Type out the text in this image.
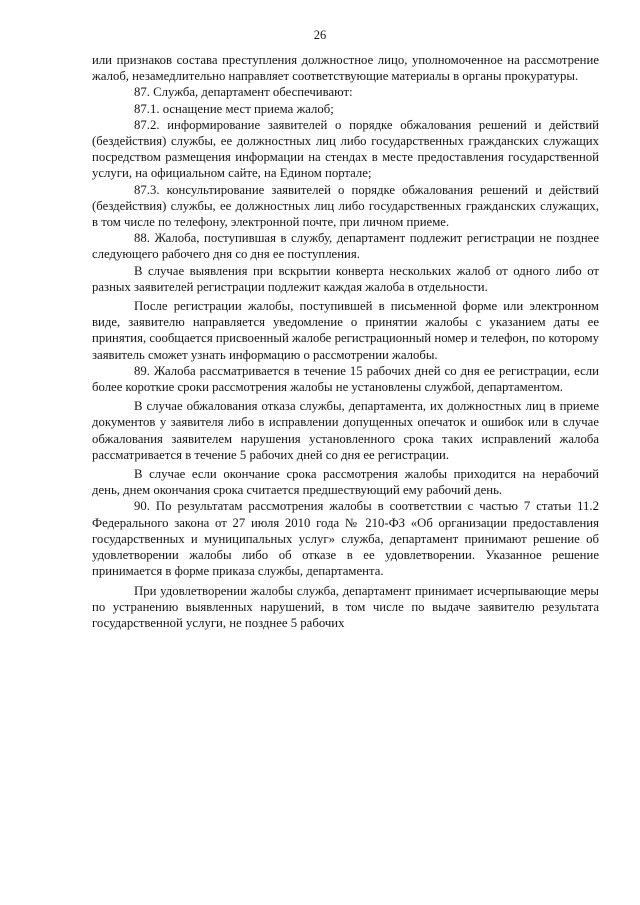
26

или признаков состава преступления должностное лицо, уполномоченное на рассмотрение жалоб, незамедлительно направляет соответствующие материалы в органы прокуратуры.

87. Служба, департамент обеспечивают:

87.1. оснащение мест приема жалоб;

87.2. информирование заявителей о порядке обжалования решений и действий (бездействия) службы, ее должностных лиц либо государственных гражданских служащих посредством размещения информации на стендах в месте предоставления государственной услуги, на официальном сайте, на Едином портале;

87.3. консультирование заявителей о порядке обжалования решений и действий (бездействия) службы, ее должностных лиц либо государственных гражданских служащих, в том числе по телефону, электронной почте, при личном приеме.

88. Жалоба, поступившая в службу, департамент подлежит регистрации не позднее следующего рабочего дня со дня ее поступления.

В случае выявления при вскрытии конверта нескольких жалоб от одного либо от разных заявителей регистрации подлежит каждая жалоба в отдельности.

После регистрации жалобы, поступившей в письменной форме или электронном виде, заявителю направляется уведомление о принятии жалобы с указанием даты ее принятия, сообщается присвоенный жалобе регистрационный номер и телефон, по которому заявитель сможет узнать информацию о рассмотрении жалобы.

89. Жалоба рассматривается в течение 15 рабочих дней со дня ее регистрации, если более короткие сроки рассмотрения жалобы не установлены службой, департаментом.

В случае обжалования отказа службы, департамента, их должностных лиц в приеме документов у заявителя либо в исправлении допущенных опечаток и ошибок или в случае обжалования заявителем нарушения установленного срока таких исправлений жалоба рассматривается в течение 5 рабочих дней со дня ее регистрации.

В случае если окончание срока рассмотрения жалобы приходится на нерабочий день, днем окончания срока считается предшествующий ему рабочий день.

90. По результатам рассмотрения жалобы в соответствии с частью 7 статьи 11.2 Федерального закона от 27 июля 2010 года № 210-ФЗ «Об организации предоставления государственных и муниципальных услуг» служба, департамент принимают решение об удовлетворении жалобы либо об отказе в ее удовлетворении. Указанное решение принимается в форме приказа службы, департамента.

При удовлетворении жалобы служба, департамент принимает исчерпывающие меры по устранению выявленных нарушений, в том числе по выдаче заявителю результата государственной услуги, не позднее 5 рабочих
